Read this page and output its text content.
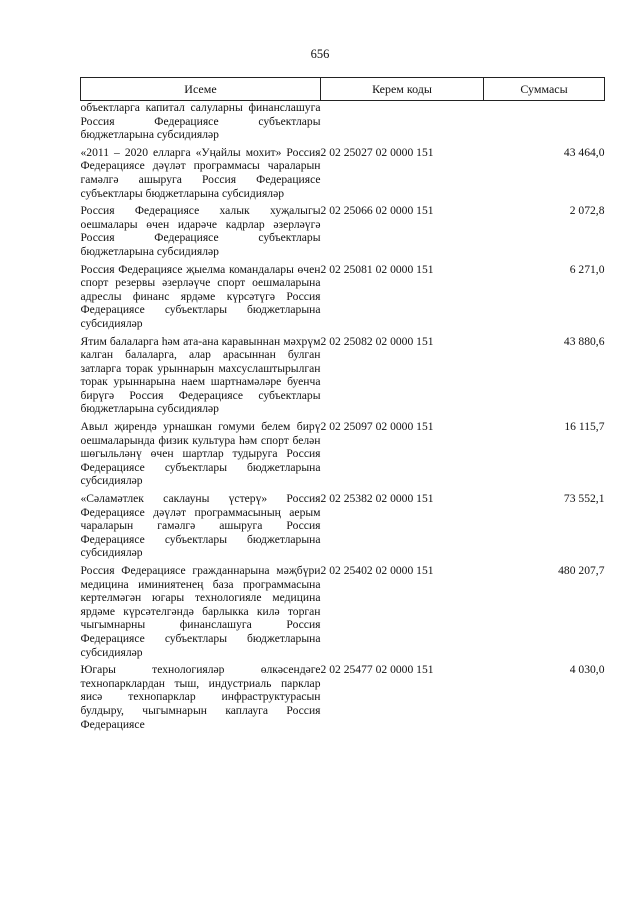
656
Исеме	Керем коды	Суммасы
объектларга капитал салуларны финанслашуга Россия Федерациясе субъектлары бюджетларына субсидияләр		
«2011 – 2020 елларга «Уңайлы мохит» Россия Федерациясе дәүләт программасы чараларын гамәлгә ашыруга Россия Федерациясе субъектлары бюджетларына субсидияләр	2 02 25027 02 0000 151	43 464,0
Россия Федерациясе халык хуҗалыгы оешмалары өчен идарәче кадрлар әзерләүгә Россия Федерациясе субъектлары бюджетларына субсидияләр	2 02 25066 02 0000 151	2 072,8
Россия Федерациясе җыелма командалары өчен спорт резервы әзерләүче спорт оешмаларына адреслы финанс ярдәме күрсәтүгә Россия Федерациясе субъектлары бюджетларына субсидияләр	2 02 25081 02 0000 151	6 271,0
Ятим балаларга һәм ата-ана каравыннан мәхрүм калган балаларга, алар арасыннан булган затларга торак урыннарын махсуслаштырылган торак урыннарына наем шартнамәләре буенча бирүгә Россия Федерациясе субъектлары бюджетларына субсидияләр	2 02 25082 02 0000 151	43 880,6
Авыл җирендә урнашкан гомуми белем бирү оешмаларында физик культура һәм спорт белән шөгыльләнү өчен шартлар тудыруга Россия Федерациясе субъектлары бюджетларына субсидияләр	2 02 25097 02 0000 151	16 115,7
«Сәламәтлек саклауны үстерү» Россия Федерациясе дәүләт программасының аерым чараларын гамәлгә ашыруга Россия Федерациясе субъектлары бюджетларына субсидияләр	2 02 25382 02 0000 151	73 552,1
Россия Федерациясе гражданнарына мәҗбүри медицина иминиятенең база программасына кертелмәгән югары технологияле медицина ярдәме күрсәтелгәндә барлыкка килә торган чыгымнарны финанслашуга Россия Федерациясе субъектлары бюджетларына субсидияләр	2 02 25402 02 0000 151	480 207,7
Югары технологияләр өлкәсендәге технопарклардан тыш, индустриаль парклар яисә технопарклар инфраструктурасын булдыру, чыгымнарын каплауга Россия Федерациясе	2 02 25477 02 0000 151	4 030,0
